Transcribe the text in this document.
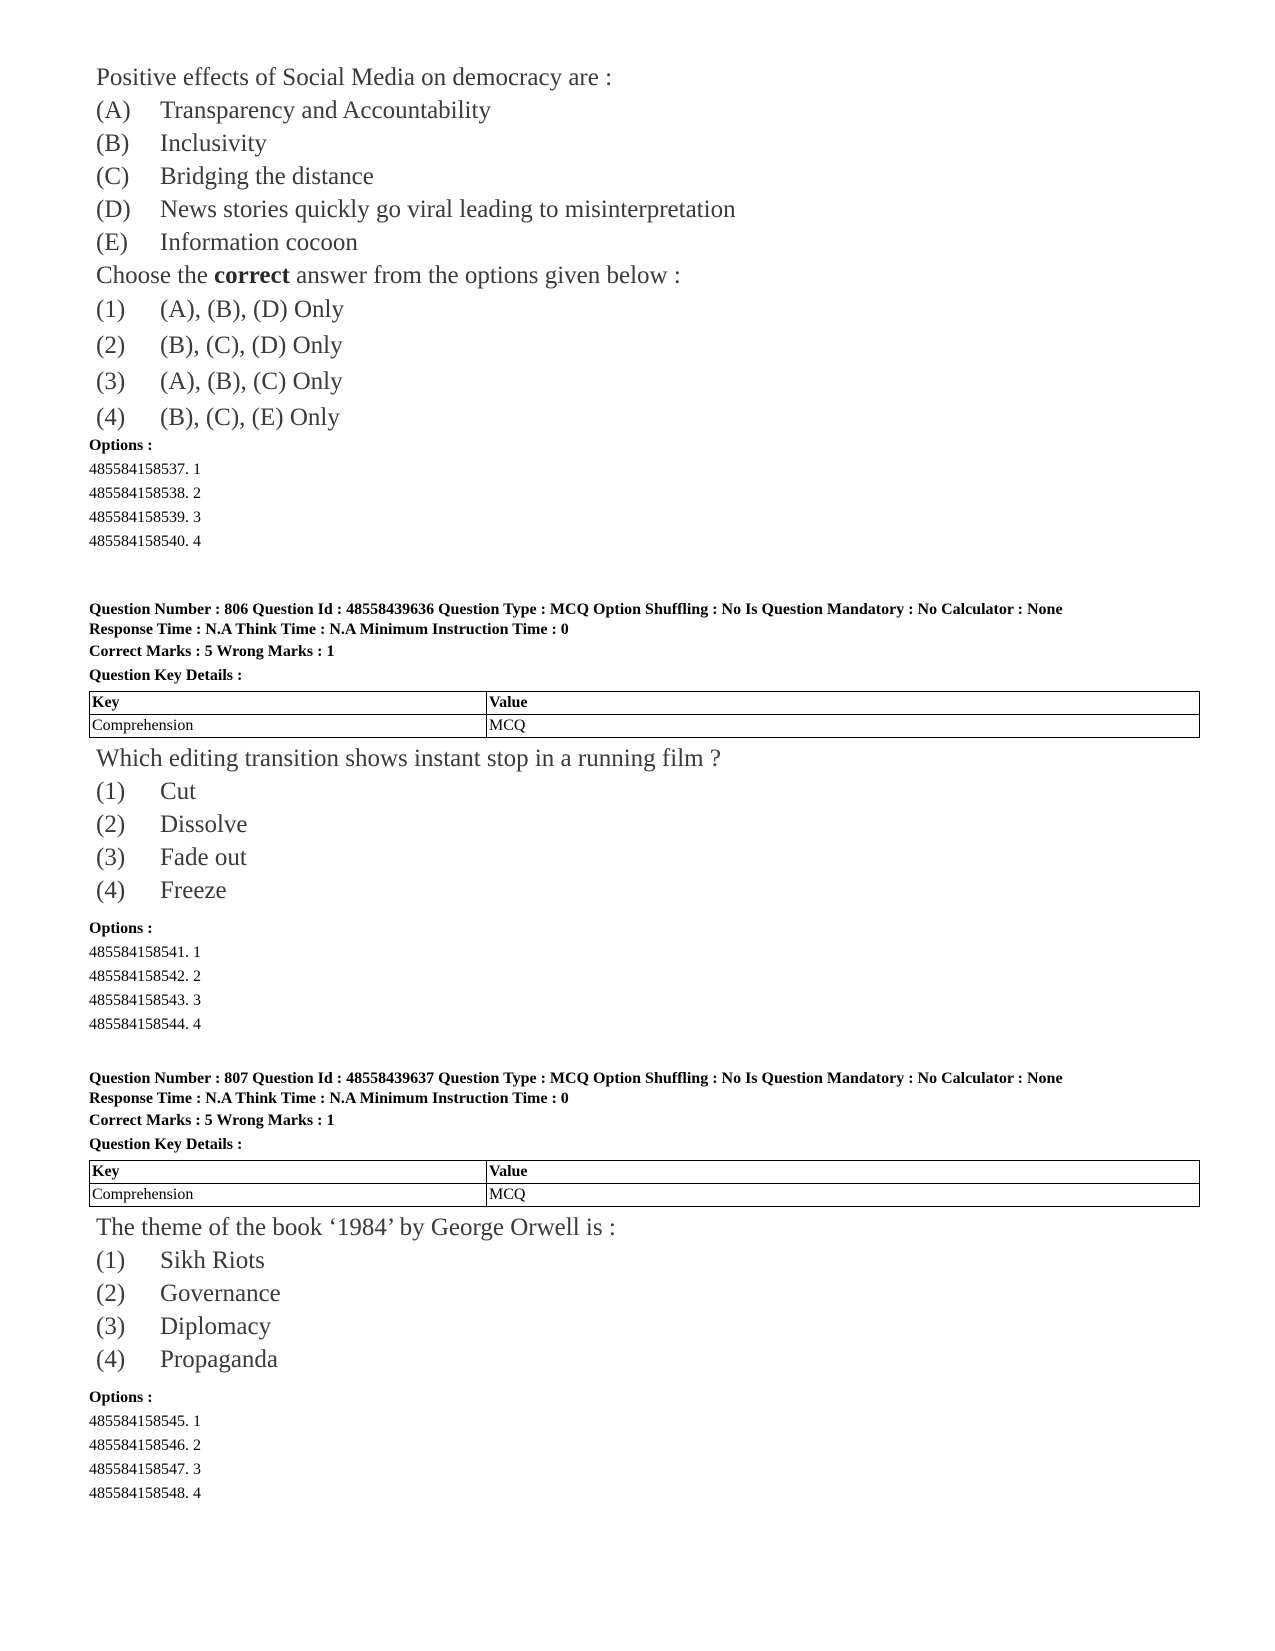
Positive effects of Social Media on democracy are :

(A)	Transparency and Accountability
(B)	Inclusivity
(C)	Bridging the distance
(D)	News stories quickly go viral leading to misinterpretation
(E)	Information cocoon

Choose the correct answer from the options given below :

(1)	(A), (B), (D) Only
(2)	(B), (C), (D) Only
(3)	(A), (B), (C) Only
(4)	(B), (C), (E) Only
Options :
485584158537. 1
485584158538. 2
485584158539. 3
485584158540. 4
Question Number : 806 Question Id : 48558439636 Question Type : MCQ Option Shuffling : No Is Question Mandatory : No Calculator : None
Response Time : N.A Think Time : N.A Minimum Instruction Time : 0
Correct Marks : 5 Wrong Marks : 1
Question Key Details :
Key	Value
Comprehension	MCQ

Which editing transition shows instant stop in a running film ?

(1)	Cut
(2)	Dissolve
(3)	Fade out
(4)	Freeze
Options :
485584158541. 1
485584158542. 2
485584158543. 3
485584158544. 4
Question Number : 807 Question Id : 48558439637 Question Type : MCQ Option Shuffling : No Is Question Mandatory : No Calculator : None
Response Time : N.A Think Time : N.A Minimum Instruction Time : 0
Correct Marks : 5 Wrong Marks : 1
Question Key Details :
Key	Value
Comprehension	MCQ

The theme of the book ‘1984’ by George Orwell is :

(1)	Sikh Riots
(2)	Governance
(3)	Diplomacy
(4)	Propaganda
Options :
485584158545. 1
485584158546. 2
485584158547. 3
485584158548. 4
